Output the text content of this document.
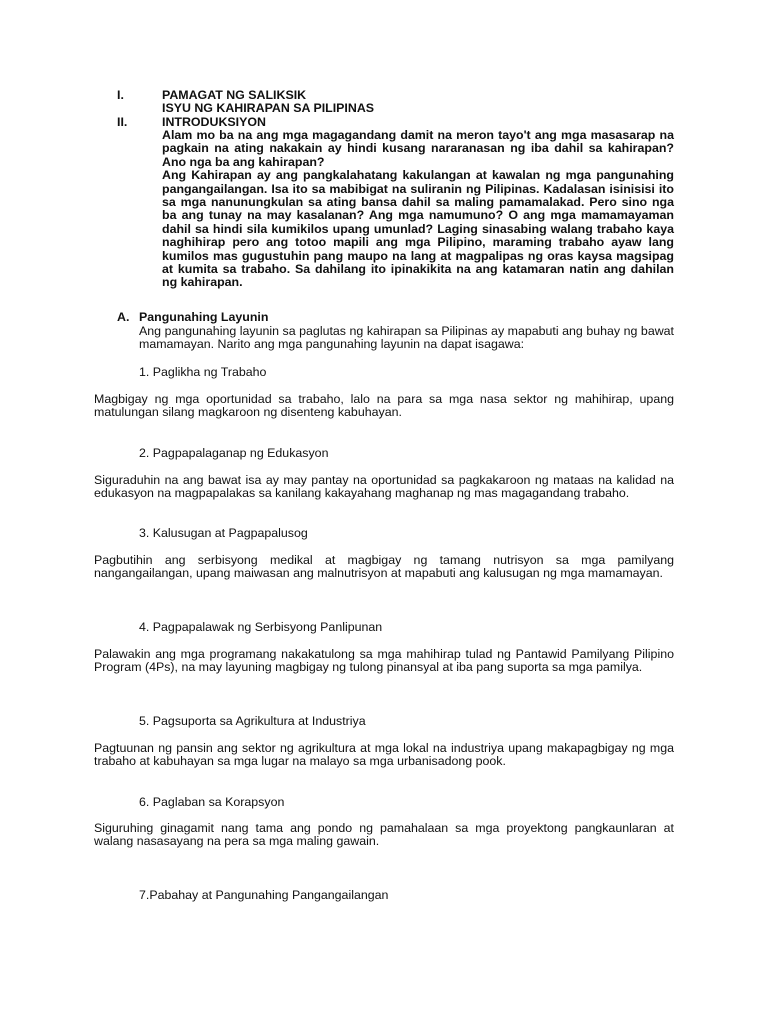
I.	PAMAGAT NG SALIKSIK
ISYU NG KAHIRAPAN SA PILIPINAS
II.	INTRODUKSIYON

Alam mo ba na ang mga magagandang damit na meron tayo't ang mga masasarap na pagkain na ating nakakain ay hindi kusang nararanasan ng iba dahil sa kahirapan? Ano nga ba ang kahirapan?

Ang Kahirapan ay ang pangkalahatang kakulangan at kawalan ng mga pangunahing pangangailangan. Isa ito sa mabibigat na suliranin ng Pilipinas. Kadalasan isinisisi ito sa mga nanunungkulan sa ating bansa dahil sa maling pamamalakad. Pero sino nga ba ang tunay na may kasalanan? Ang mga namumuno? O ang mga mamamayaman dahil sa hindi sila kumikilos upang umunlad? Laging sinasabing walang trabaho kaya naghihirap pero ang totoo mapili ang mga Pilipino, maraming trabaho ayaw lang kumilos mas gugustuhin pang maupo na lang at magpalipas ng oras kaysa magsipag at kumita sa trabaho. Sa dahilang ito ipinakikita na ang katamaran natin ang dahilan ng kahirapan.

A. Pangunahing Layunin
Ang pangunahing layunin sa paglutas ng kahirapan sa Pilipinas ay mapabuti ang buhay ng bawat mamamayan. Narito ang mga pangunahing layunin na dapat isagawa:
1. Paglikha ng Trabaho
Magbigay ng mga oportunidad sa trabaho, lalo na para sa mga nasa sektor ng mahihirap, upang matulungan silang magkaroon ng disenteng kabuhayan.
2. Pagpapalaganap ng Edukasyon
Siguraduhin na ang bawat isa ay may pantay na oportunidad sa pagkakaroon ng mataas na kalidad na edukasyon na magpapalakas sa kanilang kakayahang maghanap ng mas magagandang trabaho.
3. Kalusugan at Pagpapalusog
Pagbutihin ang serbisyong medikal at magbigay ng tamang nutrisyon sa mga pamilyang nangangailangan, upang maiwasan ang malnutrisyon at mapabuti ang kalusugan ng mga mamamayan.
4. Pagpapalawak ng Serbisyong Panlipunan
Palawakin ang mga programang nakakatulong sa mga mahihirap tulad ng Pantawid Pamilyang Pilipino Program (4Ps), na may layuning magbigay ng tulong pinansyal at iba pang suporta sa mga pamilya.
5. Pagsuporta sa Agrikultura at Industriya
Pagtuunan ng pansin ang sektor ng agrikultura at mga lokal na industriya upang makapagbigay ng mga trabaho at kabuhayan sa mga lugar na malayo sa mga urbanisadong pook.
6. Paglaban sa Korapsyon
Siguruhing ginagamit nang tama ang pondo ng pamahalaan sa mga proyektong pangkaunlaran at walang nasasayang na pera sa mga maling gawain.
7.Pabahay at Pangunahing Pangangailangan
